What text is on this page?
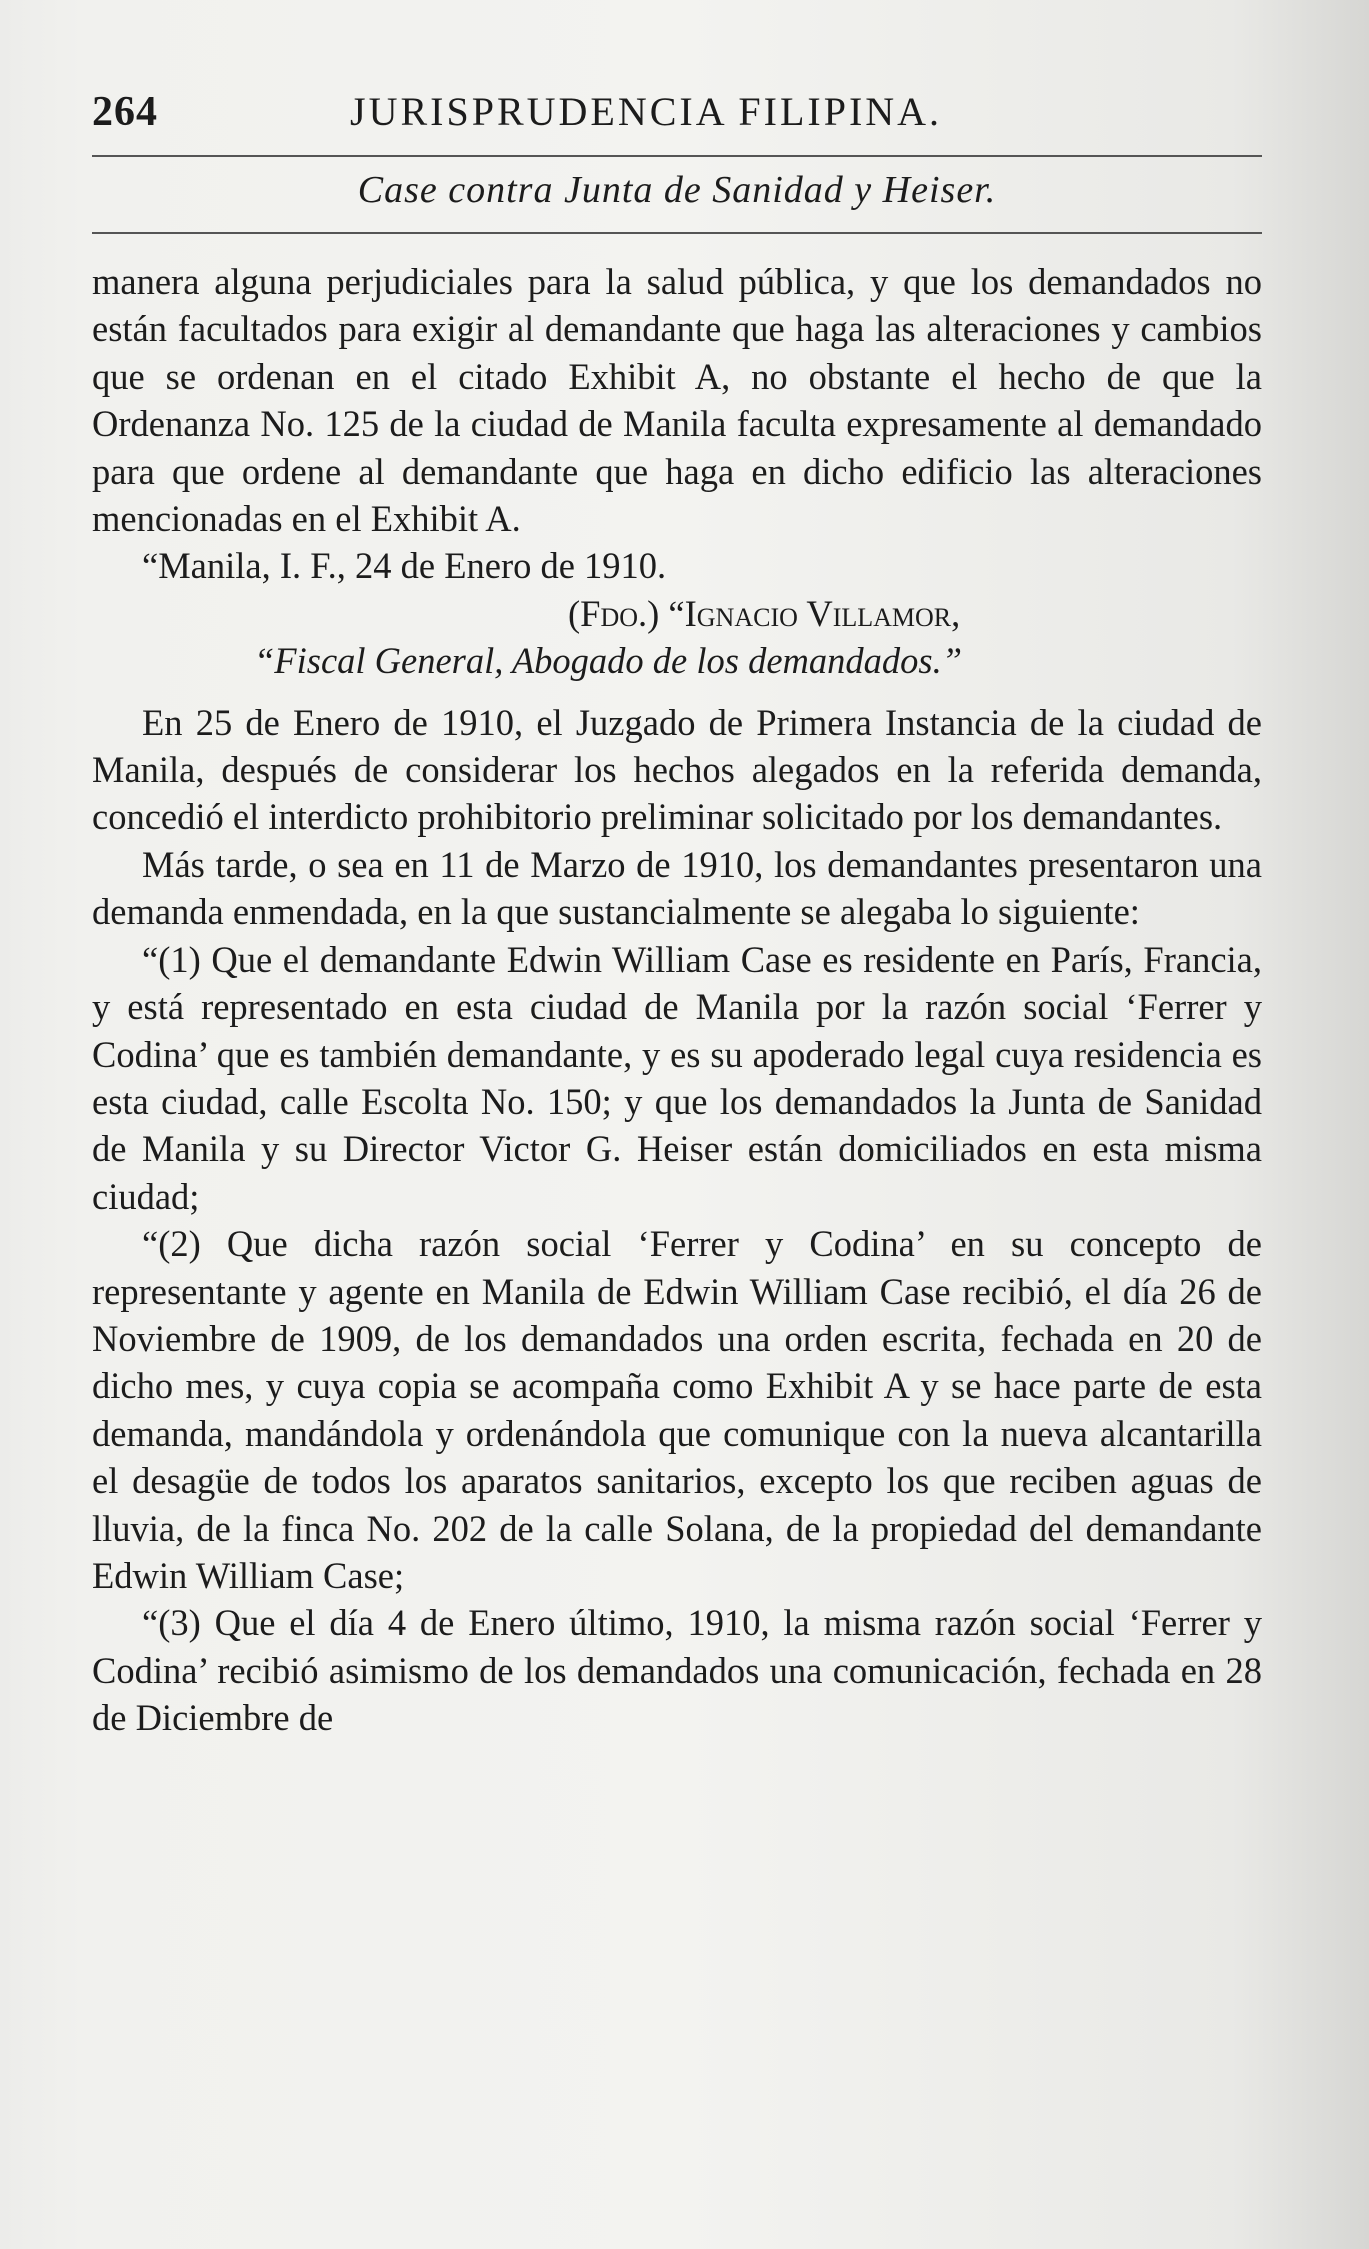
264	JURISPRUDENCIA FILIPINA.
Case contra Junta de Sanidad y Heiser.

manera alguna perjudiciales para la salud pública, y que los demandados no están facultados para exigir al demandante que haga las alteraciones y cambios que se ordenan en el citado Exhibit A, no obstante el hecho de que la Ordenanza No. 125 de la ciudad de Manila faculta expresamente al demandado para que ordene al demandante que haga en dicho edificio las alteraciones mencionadas en el Exhibit A.

“Manila, I. F., 24 de Enero de 1910.

(Fdo.) “Ignacio Villamor,

“Fiscal General, Abogado de los demandados.”

En 25 de Enero de 1910, el Juzgado de Primera Instancia de la ciudad de Manila, después de considerar los hechos alegados en la referida demanda, concedió el interdicto prohibitorio preliminar solicitado por los demandantes.

Más tarde, o sea en 11 de Marzo de 1910, los demandantes presentaron una demanda enmendada, en la que sustancialmente se alegaba lo siguiente:

“(1) Que el demandante Edwin William Case es residente en París, Francia, y está representado en esta ciudad de Manila por la razón social ‘Ferrer y Codina’ que es también demandante, y es su apoderado legal cuya residencia es esta ciudad, calle Escolta No. 150; y que los demandados la Junta de Sanidad de Manila y su Director Victor G. Heiser están domiciliados en esta misma ciudad;

“(2) Que dicha razón social ‘Ferrer y Codina’ en su concepto de representante y agente en Manila de Edwin William Case recibió, el día 26 de Noviembre de 1909, de los demandados una orden escrita, fechada en 20 de dicho mes, y cuya copia se acompaña como Exhibit A y se hace parte de esta demanda, mandándola y ordenándola que comunique con la nueva alcantarilla el desagüe de todos los aparatos sanitarios, excepto los que reciben aguas de lluvia, de la finca No. 202 de la calle Solana, de la propiedad del demandante Edwin William Case;

“(3) Que el día 4 de Enero último, 1910, la misma razón social ‘Ferrer y Codina’ recibió asimismo de los demandados una comunicación, fechada en 28 de Diciembre de
